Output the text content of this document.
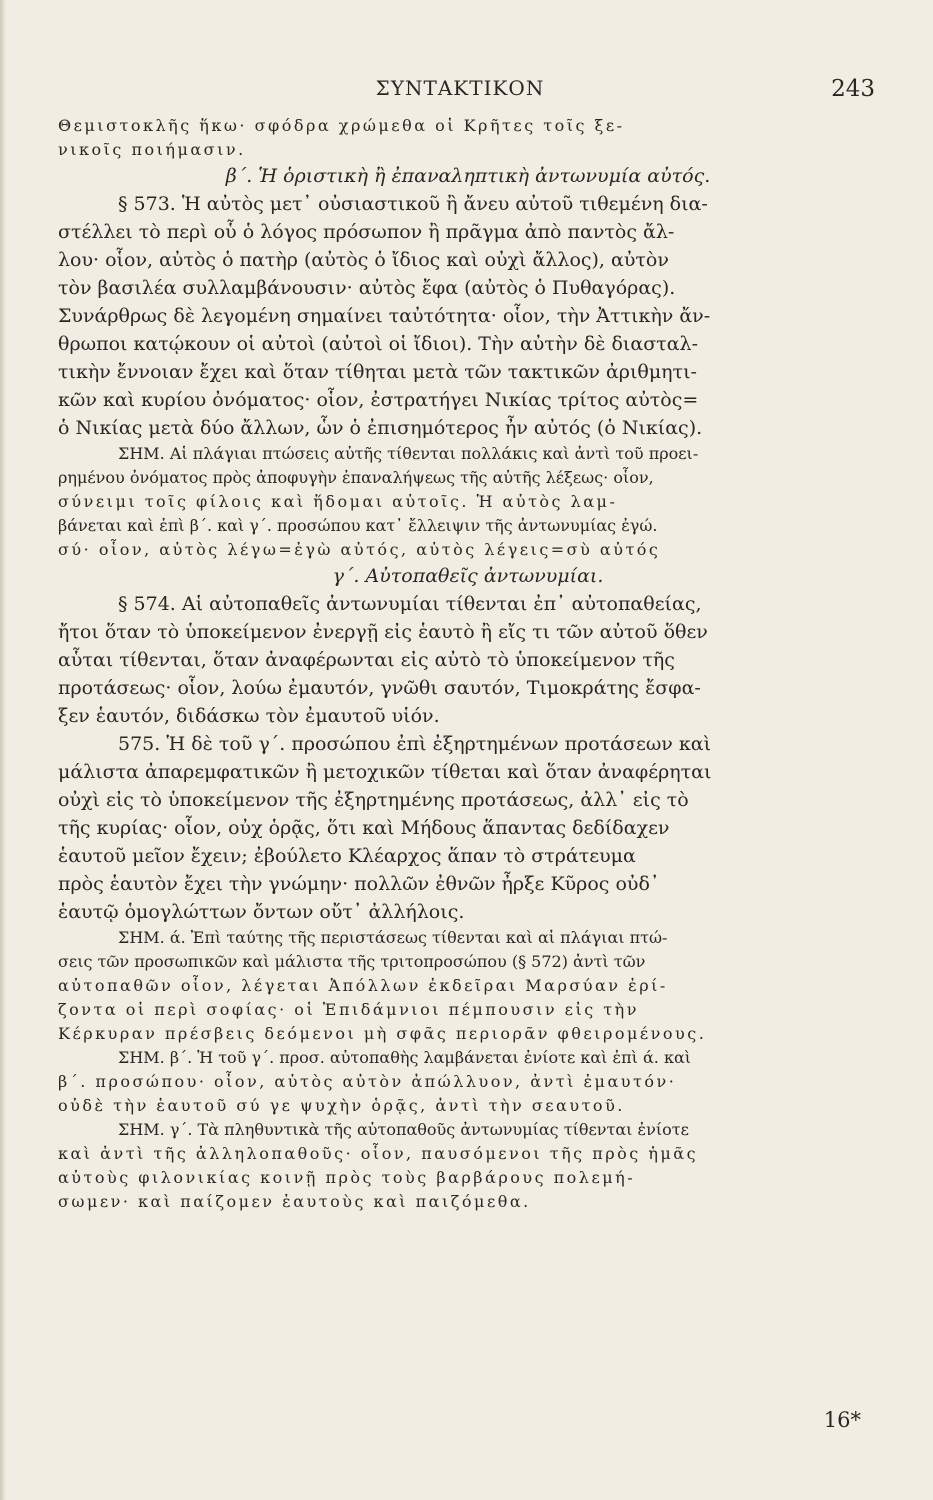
ΣΥΝΤΑΚΤΙΚΟΝ	243
Θεμιστοκλῆς ἥκω· σφόδρα χρώμεθα οἱ Κρῆτες τοῖς ξε-
νικοῖς ποιήμασιν.
β΄. Ἡ ὁριστικὴ ἢ ἐπαναληπτικὴ ἀντωνυμία αὐτός.
§ 573. Ἡ αὐτὸς μετ᾽ οὐσιαστικοῦ ἢ ἄνευ αὐτοῦ τιθεμένη δια-
στέλλει τὸ περὶ οὗ ὁ λόγος πρόσωπον ἢ πρᾶγμα ἀπὸ παντὸς ἄλ-
λου· οἷον, αὐτὸς ὁ πατὴρ (αὐτὸς ὁ ἴδιος καὶ οὐχὶ ἄλλος), αὐτὸν
τὸν βασιλέα συλλαμβάνουσιν· αὐτὸς ἔφα (αὐτὸς ὁ Πυθαγόρας).
Συνάρθρως δὲ λεγομένη σημαίνει ταὐτότητα· οἷον, τὴν Ἀττικὴν ἄν-
θρωποι κατῴκουν οἱ αὐτοὶ (αὐτοὶ οἱ ἴδιοι). Τὴν αὐτὴν δὲ διασταλ-
τικὴν ἔννοιαν ἔχει καὶ ὅταν τίθηται μετὰ τῶν τακτικῶν ἀριθμητι-
κῶν καὶ κυρίου ὀνόματος· οἷον, ἐστρατήγει Νικίας τρίτος αὐτὸς=
ὁ Νικίας μετὰ δύο ἄλλων, ὧν ὁ ἐπισημότερος ἦν αὐτός (ὁ Νικίας).
ΣΗΜ. Αἱ πλάγιαι πτώσεις αὐτῆς τίθενται πολλάκις καὶ ἀντὶ τοῦ προει-
ρημένου ὀνόματος πρὸς ἀποφυγὴν ἐπαναλήψεως τῆς αὐτῆς λέξεως· οἷον,
σύνειμι τοῖς φίλοις καὶ ἥδομαι αὐτοῖς. Ἡ αὐτὸς λαμ-
βάνεται καὶ ἐπὶ β΄. καὶ γ΄. προσώπου κατ᾽ ἔλλειψιν τῆς ἀντωνυμίας ἐγώ.
σύ· οἷον, αὐτὸς λέγω=ἐγὼ αὐτός, αὐτὸς λέγεις=σὺ αὐτός
γ΄. Αὐτοπαθεῖς ἀντωνυμίαι.
§ 574. Αἱ αὐτοπαθεῖς ἀντωνυμίαι τίθενται ἐπ᾽ αὐτοπαθείας,
ἤτοι ὅταν τὸ ὑποκείμενον ἐνεργῇ εἰς ἑαυτὸ ἢ εἴς τι τῶν αὐτοῦ ὅθεν
αὗται τίθενται, ὅταν ἀναφέρωνται εἰς αὐτὸ τὸ ὑποκείμενον τῆς
προτάσεως· οἷον, λούω ἐμαυτόν, γνῶθι σαυτόν, Τιμοκράτης ἔσφα-
ξεν ἑαυτόν, διδάσκω τὸν ἐμαυτοῦ υἱόν.
575. Ἡ δὲ τοῦ γ΄. προσώπου ἐπὶ ἐξηρτημένων προτάσεων καὶ
μάλιστα ἀπαρεμφατικῶν ἢ μετοχικῶν τίθεται καὶ ὅταν ἀναφέρηται
οὐχὶ εἰς τὸ ὑποκείμενον τῆς ἐξηρτημένης προτάσεως, ἀλλ᾽ εἰς τὸ
τῆς κυρίας· οἷον, οὐχ ὁρᾷς, ὅτι καὶ Μήδους ἅπαντας δεδίδαχεν
ἑαυτοῦ μεῖον ἔχειν; ἐβούλετο Κλέαρχος ἅπαν τὸ στράτευμα
πρὸς ἑαυτὸν ἔχει τὴν γνώμην· πολλῶν ἐθνῶν ἦρξε Κῦρος οὐδ᾽
ἑαυτῷ ὁμογλώττων ὄντων οὔτ᾽ ἀλλήλοις.
ΣΗΜ. ά. Ἐπὶ ταύτης τῆς περιστάσεως τίθενται καὶ αἱ πλάγιαι πτώ-
σεις τῶν προσωπικῶν καὶ μάλιστα τῆς τριτοπροσώπου (§ 572) ἀντὶ τῶν
αὐτοπαθῶν οἷον, λέγεται Ἀπόλλων ἐκδεῖραι Μαρσύαν ἐρί-
ζοντα οἱ περὶ σοφίας· οἱ Ἐπιδάμνιοι πέμπουσιν εἰς τὴν
Κέρκυραν πρέσβεις δεόμενοι μὴ σφᾶς περιορᾶν φθειρομένους.
ΣΗΜ. β΄. Ἡ τοῦ γ΄. προσ. αὐτοπαθὴς λαμβάνεται ἐνίοτε καὶ ἐπὶ ά. καὶ
β΄. προσώπου· οἷον, αὐτὸς αὐτὸν ἀπώλλυον, ἀντὶ ἐμαυτόν·
οὐδὲ τὴν ἑαυτοῦ σύ γε ψυχὴν ὁρᾷς, ἀντὶ τὴν σεαυτοῦ.
ΣΗΜ. γ΄. Τὰ πληθυντικὰ τῆς αὐτοπαθοῦς ἀντωνυμίας τίθενται ἐνίοτε
καὶ ἀντὶ τῆς ἀλληλοπαθοῦς· οἷον, παυσόμενοι τῆς πρὸς ἡμᾶς
αὐτοὺς φιλονικίας κοινῇ πρὸς τοὺς βαρβάρους πολεμή-
σωμεν· καὶ παίζομεν ἑαυτοὺς καὶ παιζόμεθα.
16*
